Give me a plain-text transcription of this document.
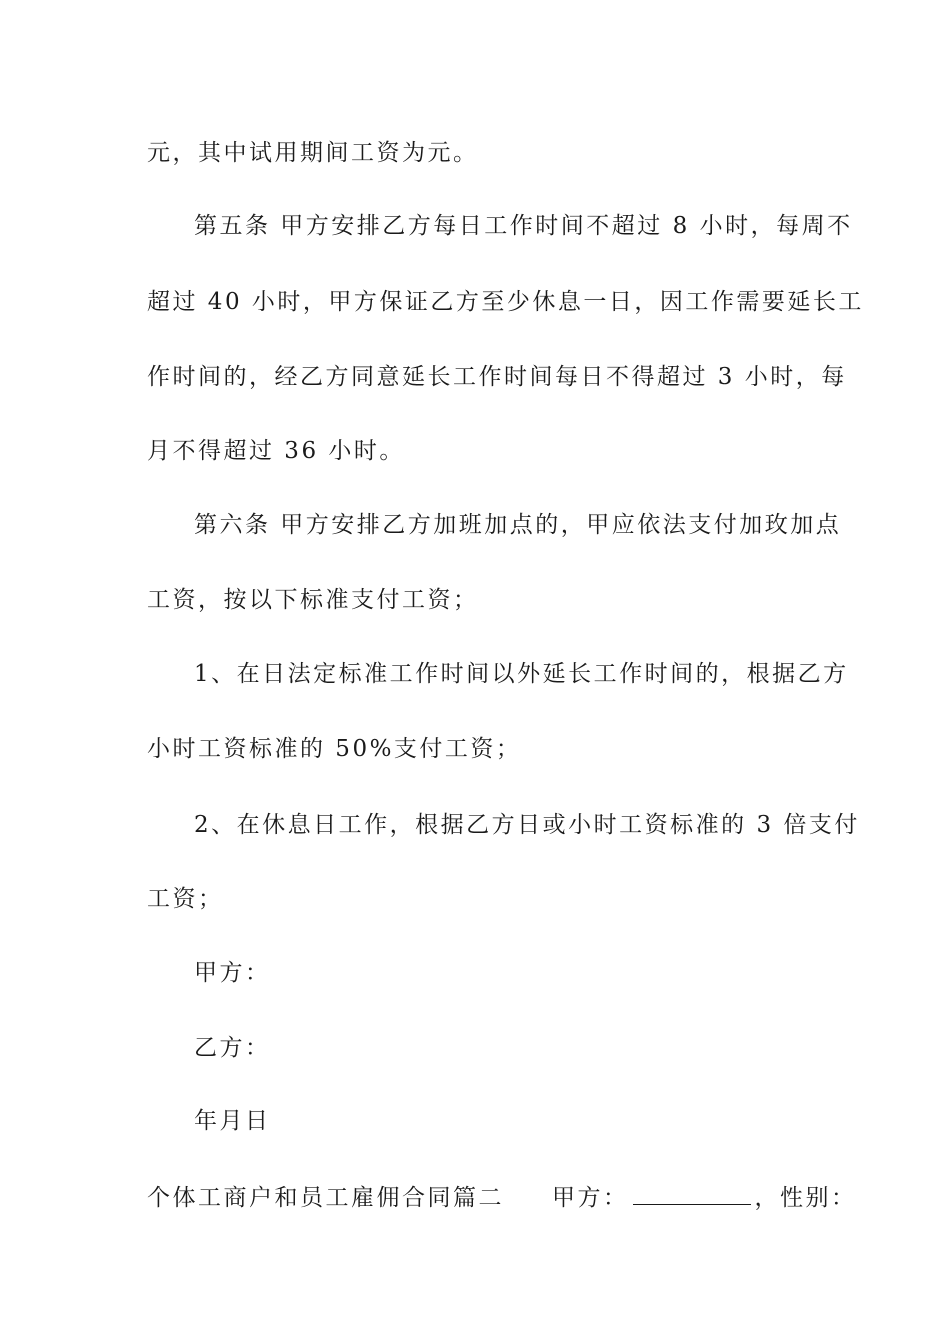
元，其中试用期间工资为元。
第五条 甲方安排乙方每日工作时间不超过 8 小时，每周不
超过 40 小时，甲方保证乙方至少休息一日，因工作需要延长工
作时间的，经乙方同意延长工作时间每日不得超过 3 小时，每
月不得超过 36 小时。
第六条 甲方安排乙方加班加点的，甲应依法支付加玫加点
工资，按以下标准支付工资；
1、在日法定标准工作时间以外延长工作时间的，根据乙方
小时工资标准的 50%支付工资；
2、在休息日工作，根据乙方日或小时工资标准的 3 倍支付
工资；
甲方：
乙方：
年月日
个体工商户和员工雇佣合同篇二 甲方：	，性别：
